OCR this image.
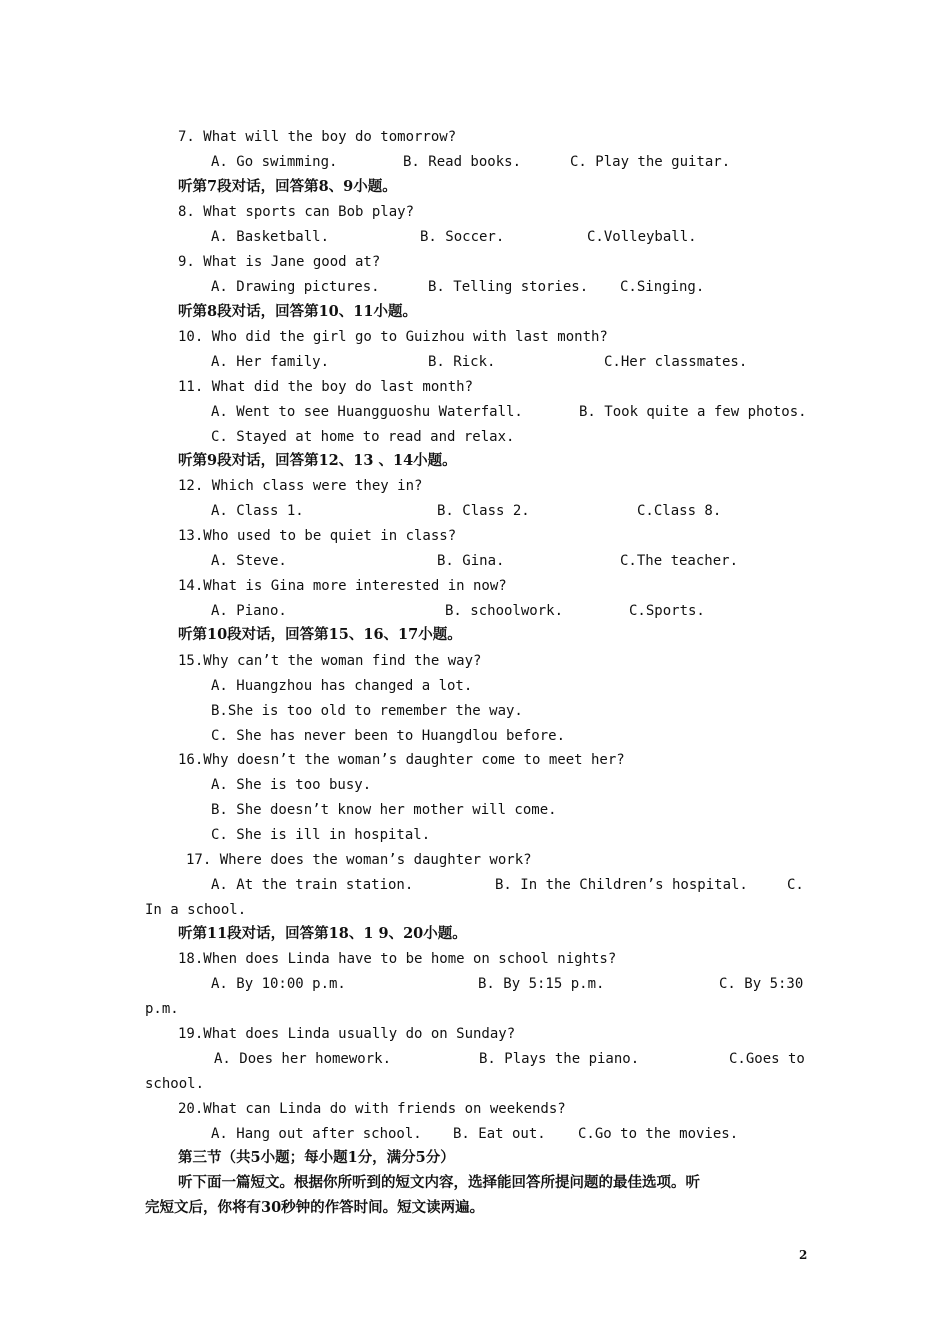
7. What will the boy do tomorrow?
A. Go swimming.	B. Read books.	C. Play the guitar.
听第7段对话，回答第8、9小题。
8. What sports can Bob play?
A. Basketball.	B. Soccer.	C.Volleyball.
9. What is Jane good at?
A. Drawing pictures.	B. Telling stories. C.Singing.
听第8段对话，回答第10、11小题。
10. Who did the girl go to Guizhou with last month?
A. Her family.	B. Rick.	C.Her classmates.
11. What did the boy do last month?
A. Went to see Huangguoshu Waterfall.	B. Took quite a few photos.
C. Stayed at home to read and relax.
听第9段对话，回答第12、13 、14小题。
12. Which class were they in?
A. Class 1.	B. Class 2.	C.Class 8.
13.Who used to be quiet in class?
A. Steve.	B. Gina.	C.The teacher.
14.What is Gina more interested in now?
A. Piano.	B. schoolwork.	C.Sports.
听第10段对话，回答第15、16、17小题。
15.Why can’t the woman find the way?
A. Huangzhou has changed a lot.
B.She is too old to remember the way.
C. She has never been to Huangdlou before.
16.Why doesn’t the woman’s daughter come to meet her?
A. She is too busy.
B. She doesn’t know her mother will come.
C. She is ill in hospital.
17. Where does the woman’s daughter work?
A. At the train station.	B. In the Children’s hospital.	C.
In a school.
听第11段对话，回答第18、1 9、20小题。
18.When does Linda have to be home on school nights?
A. By 10:00 p.m.	B. By 5:15 p.m.	C. By 5:30
p.m.
19.What does Linda usually do on Sunday?
A. Does her homework.	B. Plays the piano.	C.Goes to
school.
20.What can Linda do with friends on weekends?
A. Hang out after school. B. Eat out. C.Go to the movies.
第三节（共5小题；每小题1分，满分5分）
听下面一篇短文。根据你所听到的短文内容，选择能回答所提问题的最佳选项。听
完短文后，你将有30秒钟的作答时间。短文读两遍。
2
